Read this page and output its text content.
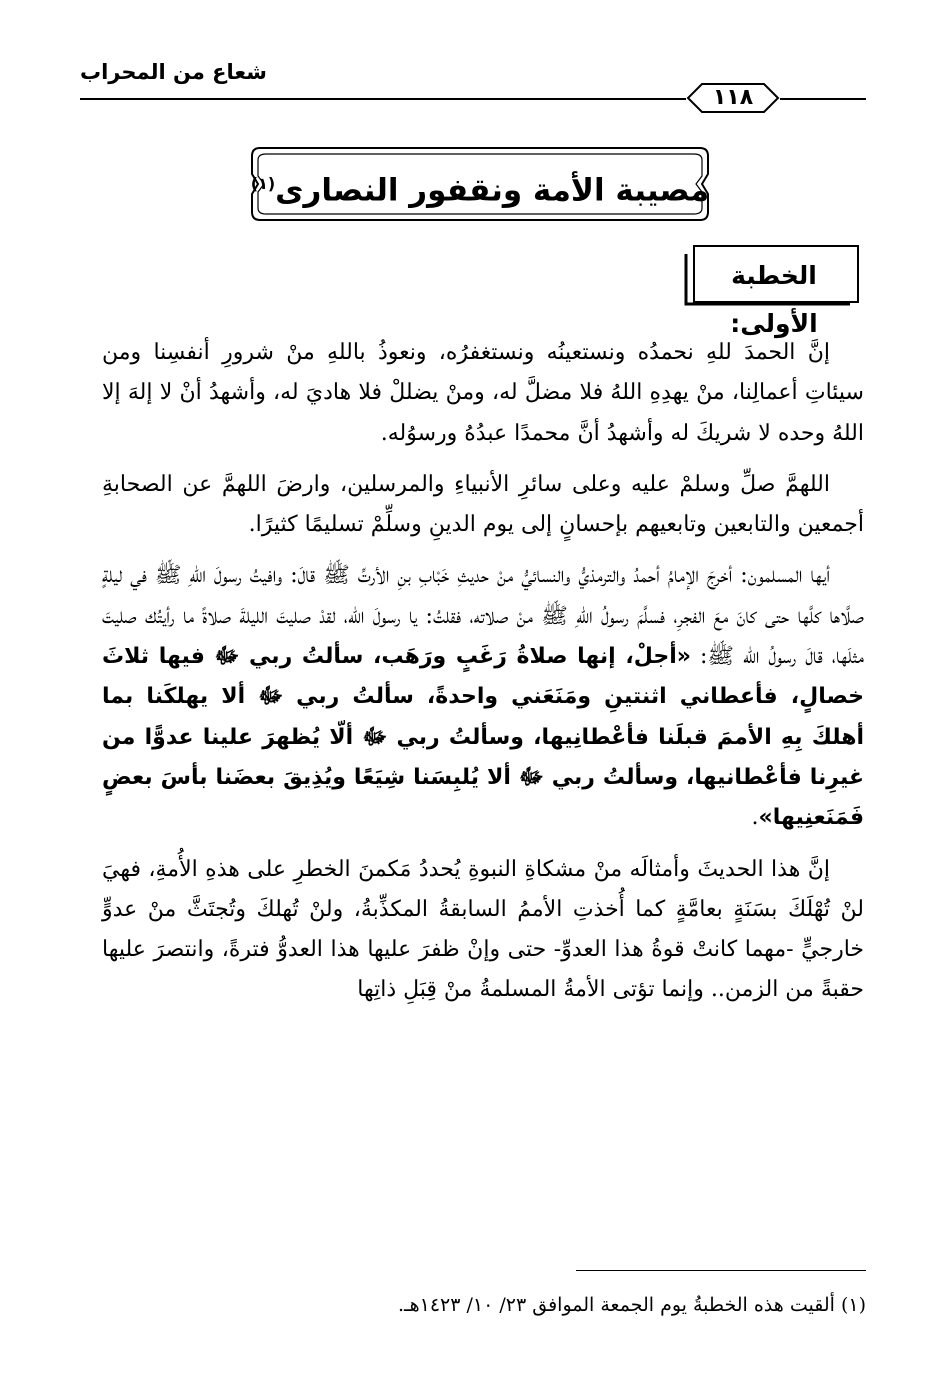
شعاع من المحراب
١١٨
مصيبة الأمة ونقفور النصارى$^{(١)}$
الخطبة الأولى:

إنَّ الحمدَ للهِ نحمدُه ونستعينُه ونستغفرُه، ونعوذُ باللهِ منْ شرورِ أنفسِنا ومن سيئاتِ أعمالِنا، منْ يهدِهِ اللهُ فلا مضلَّ له، ومنْ يضللْ فلا هاديَ له، وأشهدُ أنْ لا إلهَ إلا اللهُ وحده لا شريكَ له وأشهدُ أنَّ محمدًا عبدُهُ ورسوُله.

اللهمَّ صلِّ وسلمْ عليه وعلى سائرِ الأنبياءِ والمرسلين، وارضَ اللهمَّ عن الصحابةِ أجمعين والتابعين وتابعيهم بإحسانٍ إلى يوم الدينِ وسلِّمْ تسليمًا كثيرًا.

أيها المسلمون: أخرجَ الإمامُ أحمدُ والترمذيُّ والنسائيُّ منْ حديثِ خَبْابِ بنِ الأرتِّ ﷺ قالَ: وافيتُ رسولَ اللهِ ﷺ في ليلةٍ صلَّاها كلَّها حتى كانَ معَ الفجرِ، فسلَّمَ رسولُ اللهِ ﷺ منْ صلاته، فقلتُ: يا رسولَ الله، لقدْ صليتَ الليلةَ صلاةً ما رأيتُك صليتَ مثلَها، قالَ رسولُ الله ﷺ: «أجلْ، إنها صلاةُ رَغَبٍ ورَهَب، سألتُ ربي ﷻ فيها ثلاثَ خصالٍ، فأعطاني اثنتينِ ومَنَعَني واحدةً، سألتُ ربي ﷻ ألا يهلكَنا بما أهلكَ بِهِ الأممَ قبلَنا فأعْطانِيها، وسألتُ ربي ﷻ ألّا يُظهرَ علينا عدوًّا من غيرِنا فأعْطانيها، وسألتُ ربي ﷻ ألا يُلبِسَنا شِيَعًا ويُذِيقَ بعضَنا بأسَ بعضٍ فَمَنَعنِيها».

إنَّ هذا الحديثَ وأمثالَه منْ مشكاةِ النبوةِ يُحددُ مَكمنَ الخطرِ على هذهِ الأُمةِ، فهيَ لنْ تُهْلَكَ بسَنَةٍ بعامَّةٍ كما أُخذتِ الأممُ السابقةُ المكذِّبةُ، ولنْ تُهلكَ وتُجتَثَّ منْ عدوٍّ خارجيٍّ -مهما كانتْ قوةُ هذا العدوِّ- حتى وإنْ ظفرَ عليها هذا العدوُّ فترةً، وانتصرَ عليها حقبةً من الزمن.. وإنما تؤتى الأمةُ المسلمةُ منْ قِبَلِ ذاتِها

(١) ألقيت هذه الخطبةُ يوم الجمعة الموافق ٢٣/ ١٠/ ١٤٢٣هـ.
